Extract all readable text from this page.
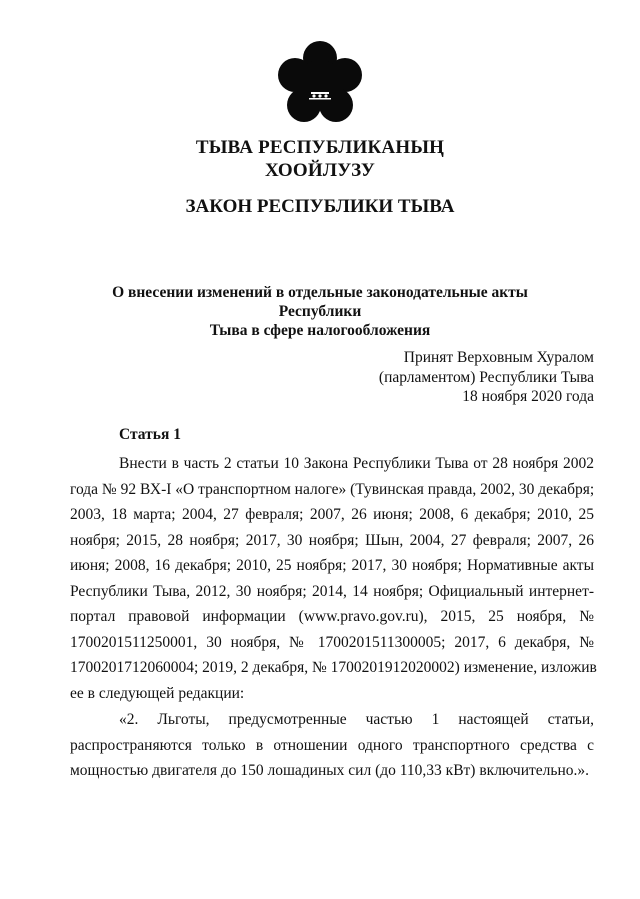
ТЫВА РЕСПУБЛИКАНЫҢ
ХООЙЛУЗУ
ЗАКОН РЕСПУБЛИКИ ТЫВА
О внесении изменений в отдельные законодательные акты Республики
Тыва в сфере налогообложения
Принят Верховным Хуралом
(парламентом) Республики Тыва
18 ноября 2020 года
Статья 1
Внести в часть 2 статьи 10 Закона Республики Тыва от 28 ноября 2002
года № 92 ВХ-I «О транспортном налоге» (Тувинская правда, 2002, 30 декабря;
2003, 18 марта; 2004, 27 февраля; 2007, 26 июня; 2008, 6 декабря; 2010, 25
ноября; 2015, 28 ноября; 2017, 30 ноября; Шын, 2004, 27 февраля; 2007, 26
июня; 2008, 16 декабря; 2010, 25 ноября; 2017, 30 ноября; Нормативные акты
Республики Тыва, 2012, 30 ноября; 2014, 14 ноября; Официальный интернет-
портал правовой информации (www.pravo.gov.ru), 2015, 25 ноября, №
1700201511250001, 30 ноября, № 1700201511300005; 2017, 6 декабря, №
1700201712060004; 2019, 2 декабря, № 1700201912020002) изменение, изложив
ее в следующей редакции:
«2. Льготы, предусмотренные частью 1 настоящей статьи,
распространяются только в отношении одного транспортного средства с
мощностью двигателя до 150 лошадиных сил (до 110,33 кВт) включительно.».
